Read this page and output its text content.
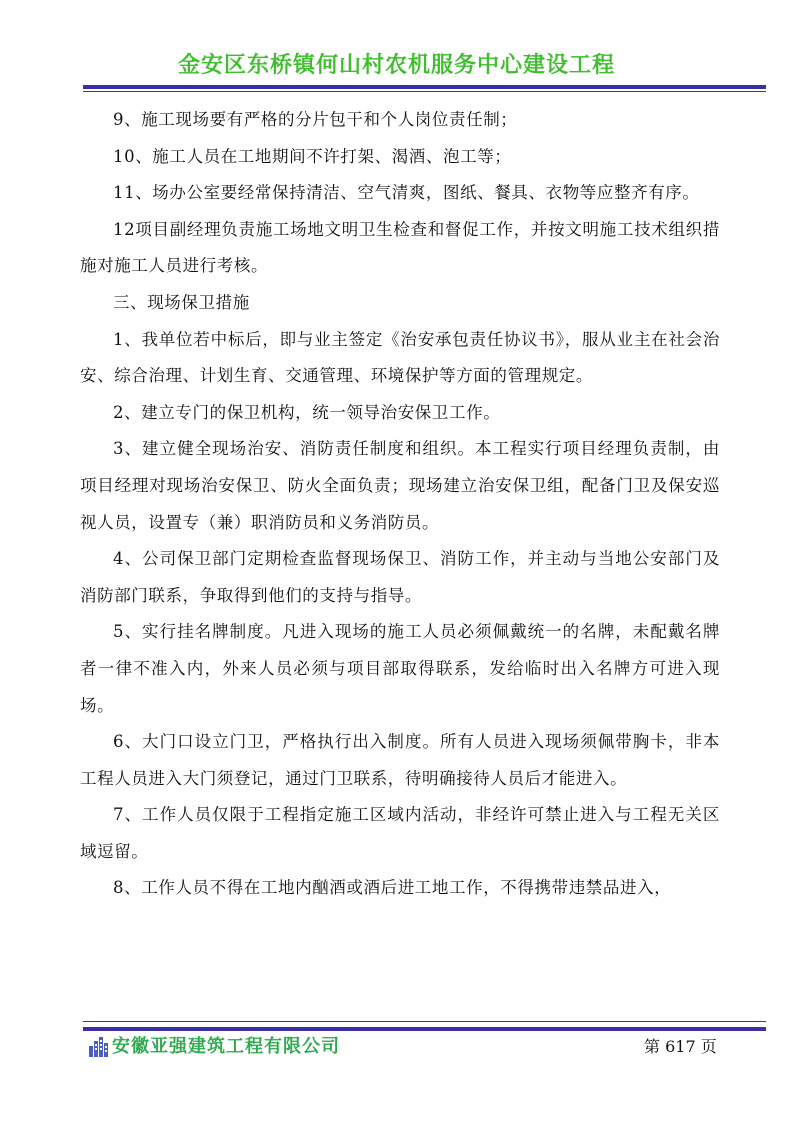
金安区东桥镇何山村农机服务中心建设工程

9、施工现场要有严格的分片包干和个人岗位责任制；

10、施工人员在工地期间不许打架、渴酒、泡工等；

11、场办公室要经常保持清洁、空气清爽，图纸、餐具、衣物等应整齐有序。

12项目副经理负责施工场地文明卫生检查和督促工作，并按文明施工技术组织措施对施工人员进行考核。

三、现场保卫措施

1、我单位若中标后，即与业主签定《治安承包责任协议书》，服从业主在社会治安、综合治理、计划生育、交通管理、环境保护等方面的管理规定。

2、建立专门的保卫机构，统一领导治安保卫工作。

3、建立健全现场治安、消防责任制度和组织。本工程实行项目经理负责制，由项目经理对现场治安保卫、防火全面负责；现场建立治安保卫组，配备门卫及保安巡视人员，设置专（兼）职消防员和义务消防员。

4、公司保卫部门定期检查监督现场保卫、消防工作，并主动与当地公安部门及消防部门联系，争取得到他们的支持与指导。

5、实行挂名牌制度。凡进入现场的施工人员必须佩戴统一的名牌，未配戴名牌者一律不准入内，外来人员必须与项目部取得联系，发给临时出入名牌方可进入现场。

6、大门口设立门卫，严格执行出入制度。所有人员进入现场须佩带胸卡，非本工程人员进入大门须登记，通过门卫联系，待明确接待人员后才能进入。

7、工作人员仅限于工程指定施工区域内活动，非经许可禁止进入与工程无关区域逗留。

8、工作人员不得在工地内酗酒或酒后进工地工作，不得携带违禁品进入，

安徽亚强建筑工程有限公司	第 617 页
